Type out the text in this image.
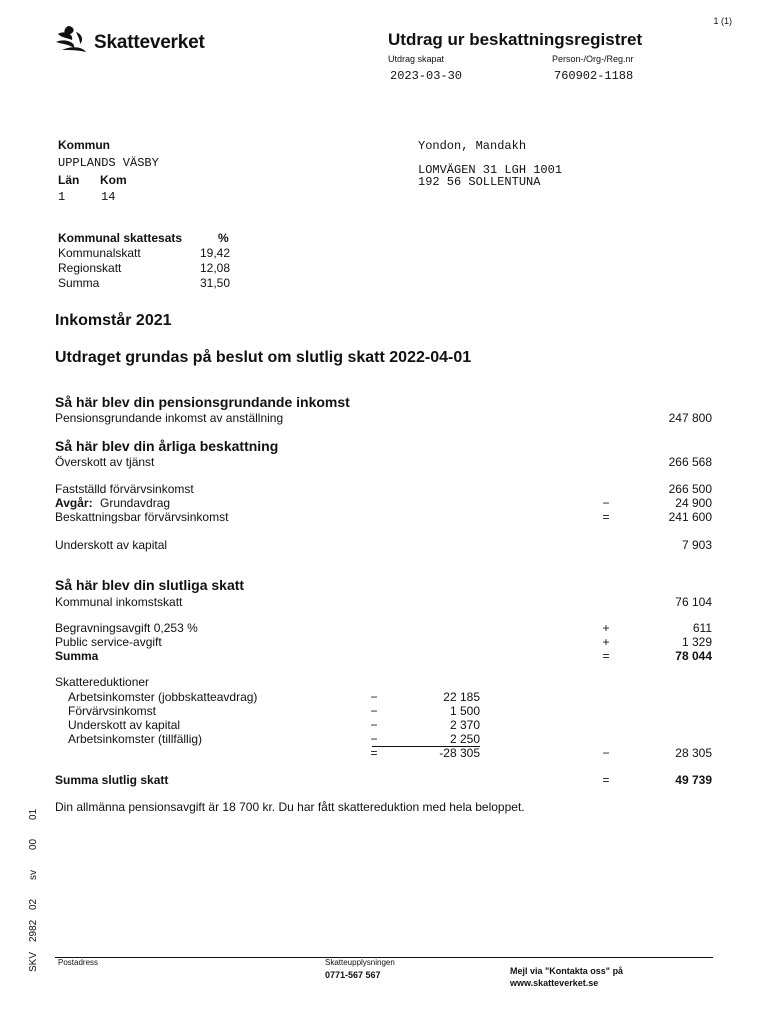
1 (1)
Skatteverket	Utdrag ur beskattningsregistret
Utdrag skapat	Person-/Org-/Reg.nr
2023-03-30	760902-1188
Kommun
UPPLANDS VÄSBY
Län Kom
1	14
Yondon, Mandakh
LOMVÄGEN 31 LGH 1001
192 56 SOLLENTUNA
Kommunal skattesats	%
Kommunalskatt	19,42
Regionskatt	12,08
Summa	31,50
Inkomstår 2021
Utdraget grundas på beslut om slutlig skatt 2022-04-01
Så här blev din pensionsgrundande inkomst
Pensionsgrundande inkomst av anställning	247 800
Så här blev din årliga beskattning
Överskott av tjänst	266 568
Fastställd förvärvsinkomst	266 500
Avgår: Grundavdrag	−	24 900
Beskattningsbar förvärvsinkomst	=	241 600
Underskott av kapital	7 903
Så här blev din slutliga skatt
Kommunal inkomstskatt	76 104
Begravningsavgift 0,253 %	+	611
Public service-avgift	+	1 329
Summa	=	78 044
Skattereduktioner
Arbetsinkomster (jobbskatteavdrag)	−	22 185
Förvärvsinkomst	−	1 500
Underskott av kapital	−	2 370
Arbetsinkomster (tillfällig)	−	2 250
=	-28 305	−	28 305
Summa slutlig skatt	=	49 739
Din allmänna pensionsavgift är 18 700 kr. Du har fått skattereduktion med hela beloppet.
SKV
2982
02
sv
00
01
Postadress	Skatteupplysningen
0771-567 567	Mejl via "Kontakta oss" på
www.skatteverket.se
